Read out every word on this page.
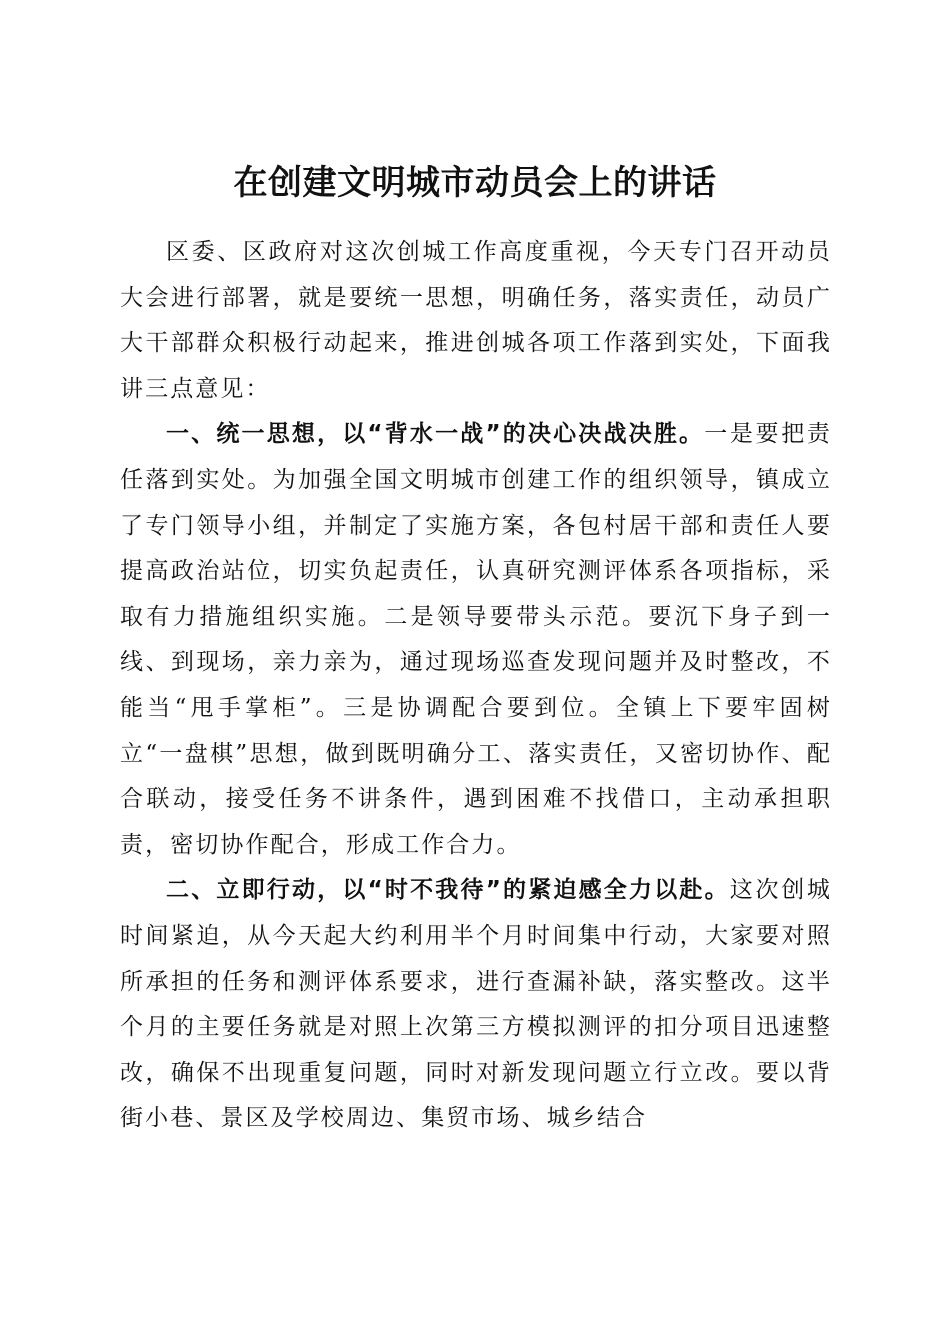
在创建文明城市动员会上的讲话

区委、区政府对这次创城工作高度重视，今天专门召开动员大会进行部署，就是要统一思想，明确任务，落实责任，动员广大干部群众积极行动起来，推进创城各项工作落到实处，下面我讲三点意见：

一、统一思想，以“背水一战”的决心决战决胜。一是要把责任落到实处。为加强全国文明城市创建工作的组织领导，镇成立了专门领导小组，并制定了实施方案，各包村居干部和责任人要提高政治站位，切实负起责任，认真研究测评体系各项指标，采取有力措施组织实施。二是领导要带头示范。要沉下身子到一线、到现场，亲力亲为，通过现场巡查发现问题并及时整改，不能当“甩手掌柜”。三是协调配合要到位。全镇上下要牢固树立“一盘棋”思想，做到既明确分工、落实责任，又密切协作、配合联动，接受任务不讲条件，遇到困难不找借口，主动承担职责，密切协作配合，形成工作合力。

二、立即行动，以“时不我待”的紧迫感全力以赴。这次创城时间紧迫，从今天起大约利用半个月时间集中行动，大家要对照所承担的任务和测评体系要求，进行查漏补缺，落实整改。这半个月的主要任务就是对照上次第三方模拟测评的扣分项目迅速整改，确保不出现重复问题，同时对新发现问题立行立改。要以背街小巷、景区及学校周边、集贸市场、城乡结合
